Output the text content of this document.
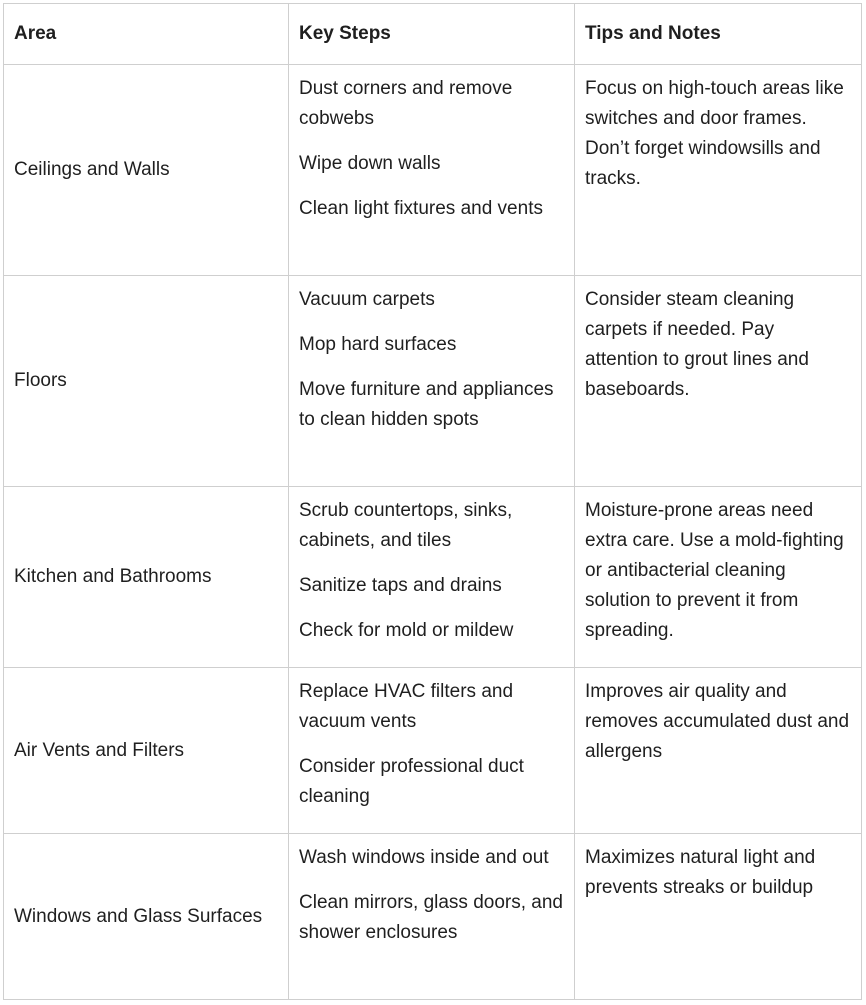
Area	Key Steps	Tips and Notes
Ceilings and Walls	Dust corners and remove cobwebs

Wipe down walls

Clean light fixtures and vents	Focus on high-touch areas like switches and door frames. Don’t forget windowsills and tracks.
Floors	Vacuum carpets

Mop hard surfaces

Move furniture and appliances to clean hidden spots	Consider steam cleaning carpets if needed. Pay attention to grout lines and baseboards.
Kitchen and Bathrooms	Scrub countertops, sinks, cabinets, and tiles

Sanitize taps and drains

Check for mold or mildew	Moisture-prone areas need extra care. Use a mold-fighting or antibacterial cleaning solution to prevent it from spreading.
Air Vents and Filters	Replace HVAC filters and vacuum vents

Consider professional duct cleaning	Improves air quality and removes accumulated dust and allergens
Windows and Glass Surfaces	Wash windows inside and out

Clean mirrors, glass doors, and shower enclosures	Maximizes natural light and prevents streaks or buildup
